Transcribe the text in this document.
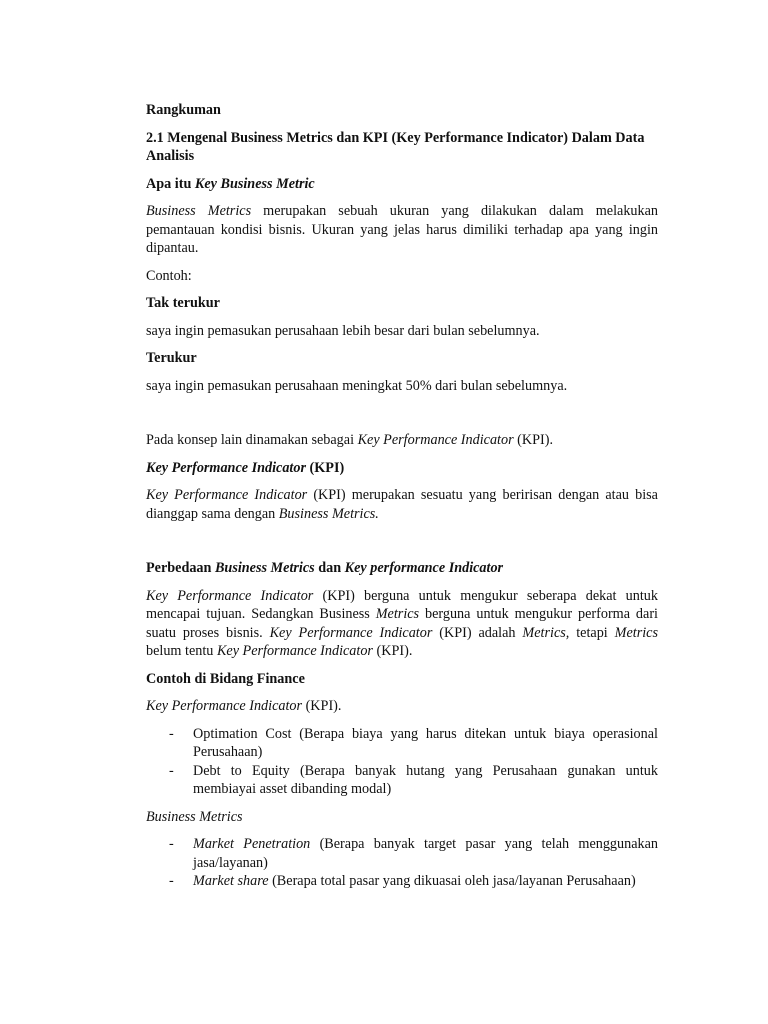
Rangkuman

2.1 Mengenal Business Metrics dan KPI (Key Performance Indicator) Dalam Data Analisis

Apa itu Key Business Metric

Business Metrics merupakan sebuah ukuran yang dilakukan dalam melakukan pemantauan kondisi bisnis. Ukuran yang jelas harus dimiliki terhadap apa yang ingin dipantau.

Contoh:

Tak terukur

saya ingin pemasukan perusahaan lebih besar dari bulan sebelumnya.

Terukur

saya ingin pemasukan perusahaan meningkat 50% dari bulan sebelumnya.

Pada konsep lain dinamakan sebagai Key Performance Indicator (KPI).

Key Performance Indicator (KPI)

Key Performance Indicator (KPI) merupakan sesuatu yang beririsan dengan atau bisa dianggap sama dengan Business Metrics.

Perbedaan Business Metrics dan Key performance Indicator

Key Performance Indicator (KPI) berguna untuk mengukur seberapa dekat untuk mencapai tujuan. Sedangkan Business Metrics berguna untuk mengukur performa dari suatu proses bisnis. Key Performance Indicator (KPI) adalah Metrics, tetapi Metrics belum tentu Key Performance Indicator (KPI).

Contoh di Bidang Finance

Key Performance Indicator (KPI).

- Optimation Cost (Berapa biaya yang harus ditekan untuk biaya operasional Perusahaan)
- Debt to Equity (Berapa banyak hutang yang Perusahaan gunakan untuk membiayai asset dibanding modal)

Business Metrics

- Market Penetration (Berapa banyak target pasar yang telah menggunakan jasa/layanan)
- Market share (Berapa total pasar yang dikuasai oleh jasa/layanan Perusahaan)
